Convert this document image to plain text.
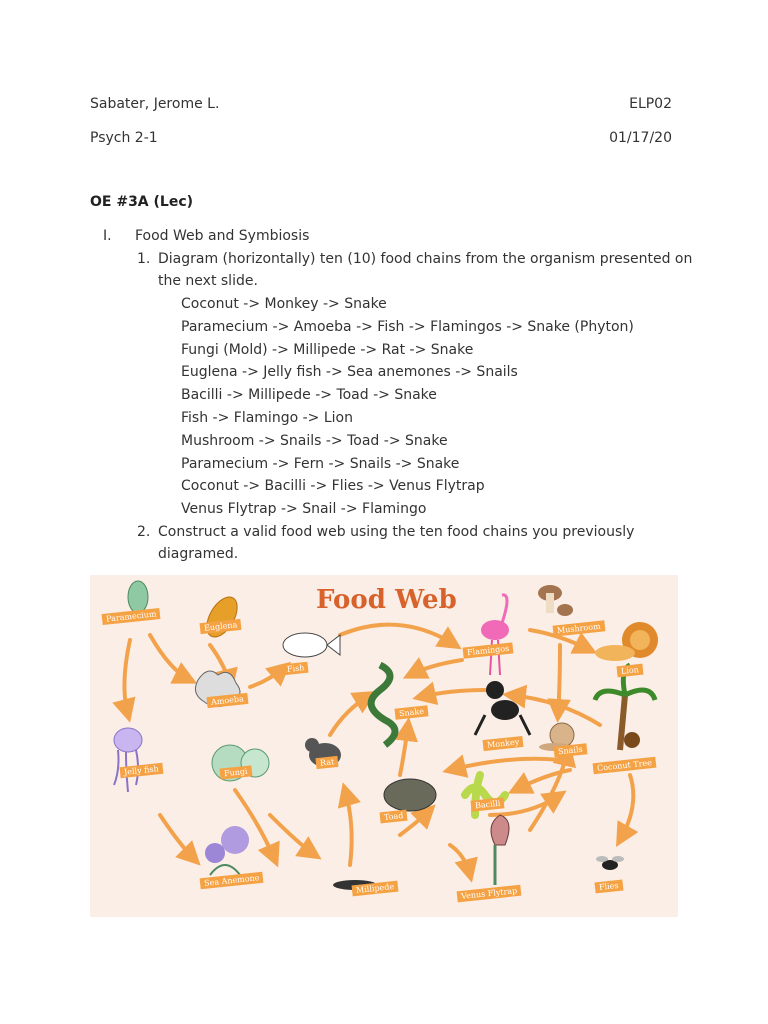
Sabater, Jerome L.	ELP02
Psych 2-1	01/17/20
OE #3A (Lec)
I. Food Web and Symbiosis
1. Diagram (horizontally) ten (10) food chains from the organism presented on
the next slide.
Coconut -> Monkey -> Snake
Paramecium -> Amoeba -> Fish -> Flamingos -> Snake (Phyton)
Fungi (Mold) -> Millipede -> Rat -> Snake
Euglena -> Jelly fish -> Sea anemones -> Snails
Bacilli -> Millipede -> Toad -> Snake
Fish -> Flamingo -> Lion
Mushroom -> Snails -> Toad -> Snake
Paramecium -> Fern -> Snails -> Snake
Coconut -> Bacilli -> Flies -> Venus Flytrap
Venus Flytrap -> Snail -> Flamingo
2. Construct a valid food web using the ten food chains you previously
diagramed.
Food Web
Paramecium
Euglena
Fish
Amoeba
Jelly fish	Fungi
Sea Anemone
Rat
Snake
Toad
Millipede
Flamingos
Mushroom
Lion
Monkey
Snails
Coconut Tree
Bacilli
Venus Flytrap	Flies
